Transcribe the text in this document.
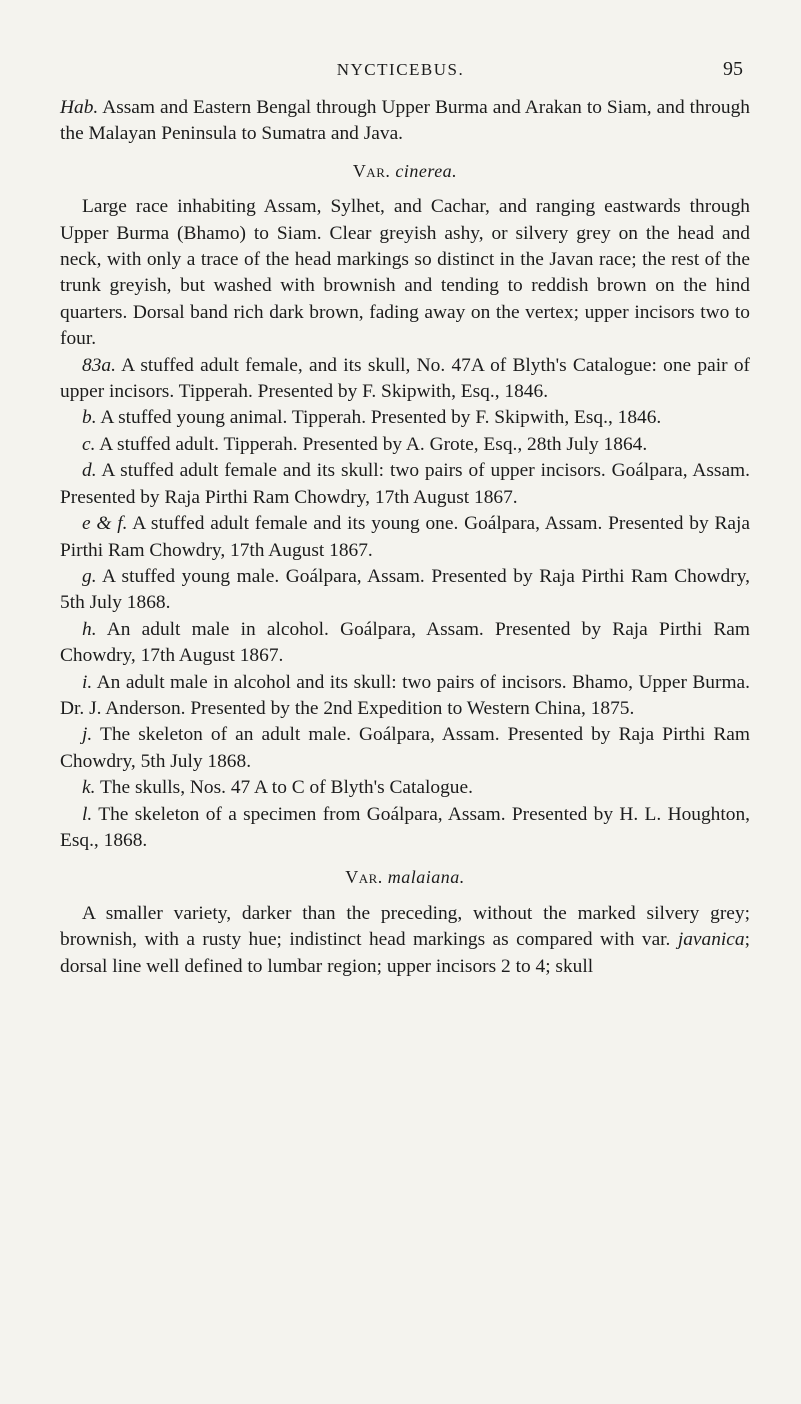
NYCTICEBUS.	95

Hab. Assam and Eastern Bengal through Upper Burma and Arakan to Siam, and through the Malayan Peninsula to Sumatra and Java.

Var. cinerea.

Large race inhabiting Assam, Sylhet, and Cachar, and ranging eastwards through Upper Burma (Bhamo) to Siam. Clear greyish ashy, or silvery grey on the head and neck, with only a trace of the head markings so distinct in the Javan race; the rest of the trunk greyish, but washed with brownish and tending to reddish brown on the hind quarters. Dorsal band rich dark brown, fading away on the vertex; upper incisors two to four.

83a. A stuffed adult female, and its skull, No. 47A of Blyth's Catalogue: one pair of upper incisors. Tipperah. Presented by F. Skipwith, Esq., 1846.

b. A stuffed young animal. Tipperah. Presented by F. Skipwith, Esq., 1846.

c. A stuffed adult. Tipperah. Presented by A. Grote, Esq., 28th July 1864.

d. A stuffed adult female and its skull: two pairs of upper incisors. Goálpara, Assam. Presented by Raja Pirthi Ram Chowdry, 17th August 1867.

e & f. A stuffed adult female and its young one. Goálpara, Assam. Presented by Raja Pirthi Ram Chowdry, 17th August 1867.

g. A stuffed young male. Goálpara, Assam. Presented by Raja Pirthi Ram Chowdry, 5th July 1868.

h. An adult male in alcohol. Goálpara, Assam. Presented by Raja Pirthi Ram Chowdry, 17th August 1867.

i. An adult male in alcohol and its skull: two pairs of incisors. Bhamo, Upper Burma. Dr. J. Anderson. Presented by the 2nd Expedition to Western China, 1875.

j. The skeleton of an adult male. Goálpara, Assam. Presented by Raja Pirthi Ram Chowdry, 5th July 1868.

k. The skulls, Nos. 47 A to C of Blyth's Catalogue.

l. The skeleton of a specimen from Goálpara, Assam. Presented by H. L. Houghton, Esq., 1868.

Var. malaiana.

A smaller variety, darker than the preceding, without the marked silvery grey; brownish, with a rusty hue; indistinct head markings as compared with var. javanica; dorsal line well defined to lumbar region; upper incisors 2 to 4; skull
